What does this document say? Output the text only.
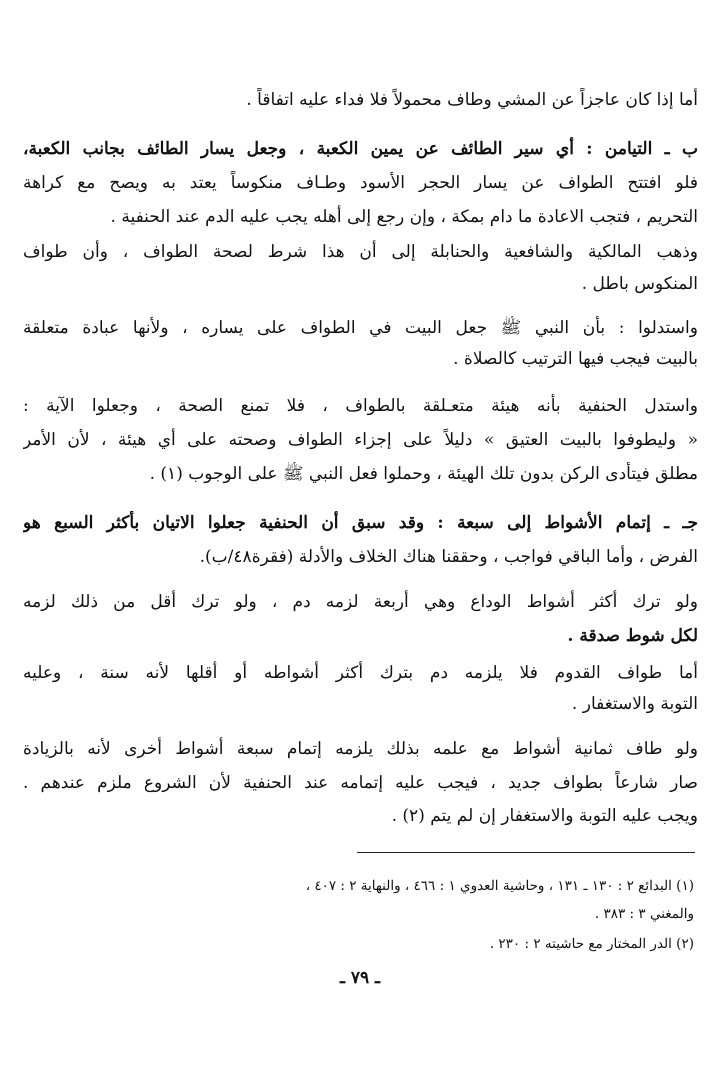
أما إذا كان عاجزاً عن المشي وطاف محمولاً فلا فداء عليه اتفاقاً .
ب ـ التيامن : أي سير الطائف عن يمين الكعبة ، وجعل يسار الطائف بجانب الكعبة،
فلو افتتح الطواف عن يسار الحجر الأسود وطـاف منكوساً يعتد به ويصح مع كراهة
التحريم ، فتجب الاعادة ما دام بمكة ، وإن رجع إلى أهله يجب عليه الدم عند الحنفية .
وذهب المالكية والشافعية والحنابلة إلى أن هذا شرط لصحة الطواف ، وأن طواف
المنكوس باطل .
واستدلوا : بأن النبي ﷺ جعل البيت في الطواف على يساره ، ولأنها عبادة متعلقة
بالبيت فيجب فيها الترتيب كالصلاة .
واستدل الحنفية بأنه هيئة متعـلقة بالطواف ، فلا تمنع الصحة ، وجعلوا الآية :
« وليطوفوا بالبيت العتيق » دليلاً على إجزاء الطواف وصحته على أي هيئة ، لأن الأمر
مطلق فيتأدى الركن بدون تلك الهيئة ، وحملوا فعل النبي ﷺ على الوجوب (١) .
جـ ـ إتمام الأشواط إلى سبعة : وقد سبق أن الحنفية جعلوا الاتيان بأكثر السبع هو
الفرض ، وأما الباقي فواجب ، وحققنا هناك الخلاف والأدلة (فقرة٤٨/ب).
ولو ترك أكثر أشواط الوداع وهي أربعة لزمه دم ، ولو ترك أقل من ذلك لزمه
لكل شوط صدقة .
أما طواف القدوم فلا يلزمه دم بترك أكثر أشواطه أو أقلها لأنه سنة ، وعليه
التوبة والاستغفار .
ولو طاف ثمانية أشواط مع علمه بذلك يلزمه إتمام سبعة أشواط أخرى لأنه بالزيادة
صار شارعاً بطواف جديد ، فيجب عليه إتمامه عند الحنفية لأن الشروع ملزم عندهم .
ويجب عليه التوبة والاستغفار إن لم يتم (٢) .
(١) البدائع ٢ : ١٣٠ ـ ١٣١ ، وحاشية العدوي ١ : ٤٦٦ ، والنهاية ٢ : ٤٠٧ ،
والمغني ٣ : ٣٨٣ .
(٢) الدر المختار مع حاشيته ٢ : ٢٣٠ .
ـ ٧٩ ـ
